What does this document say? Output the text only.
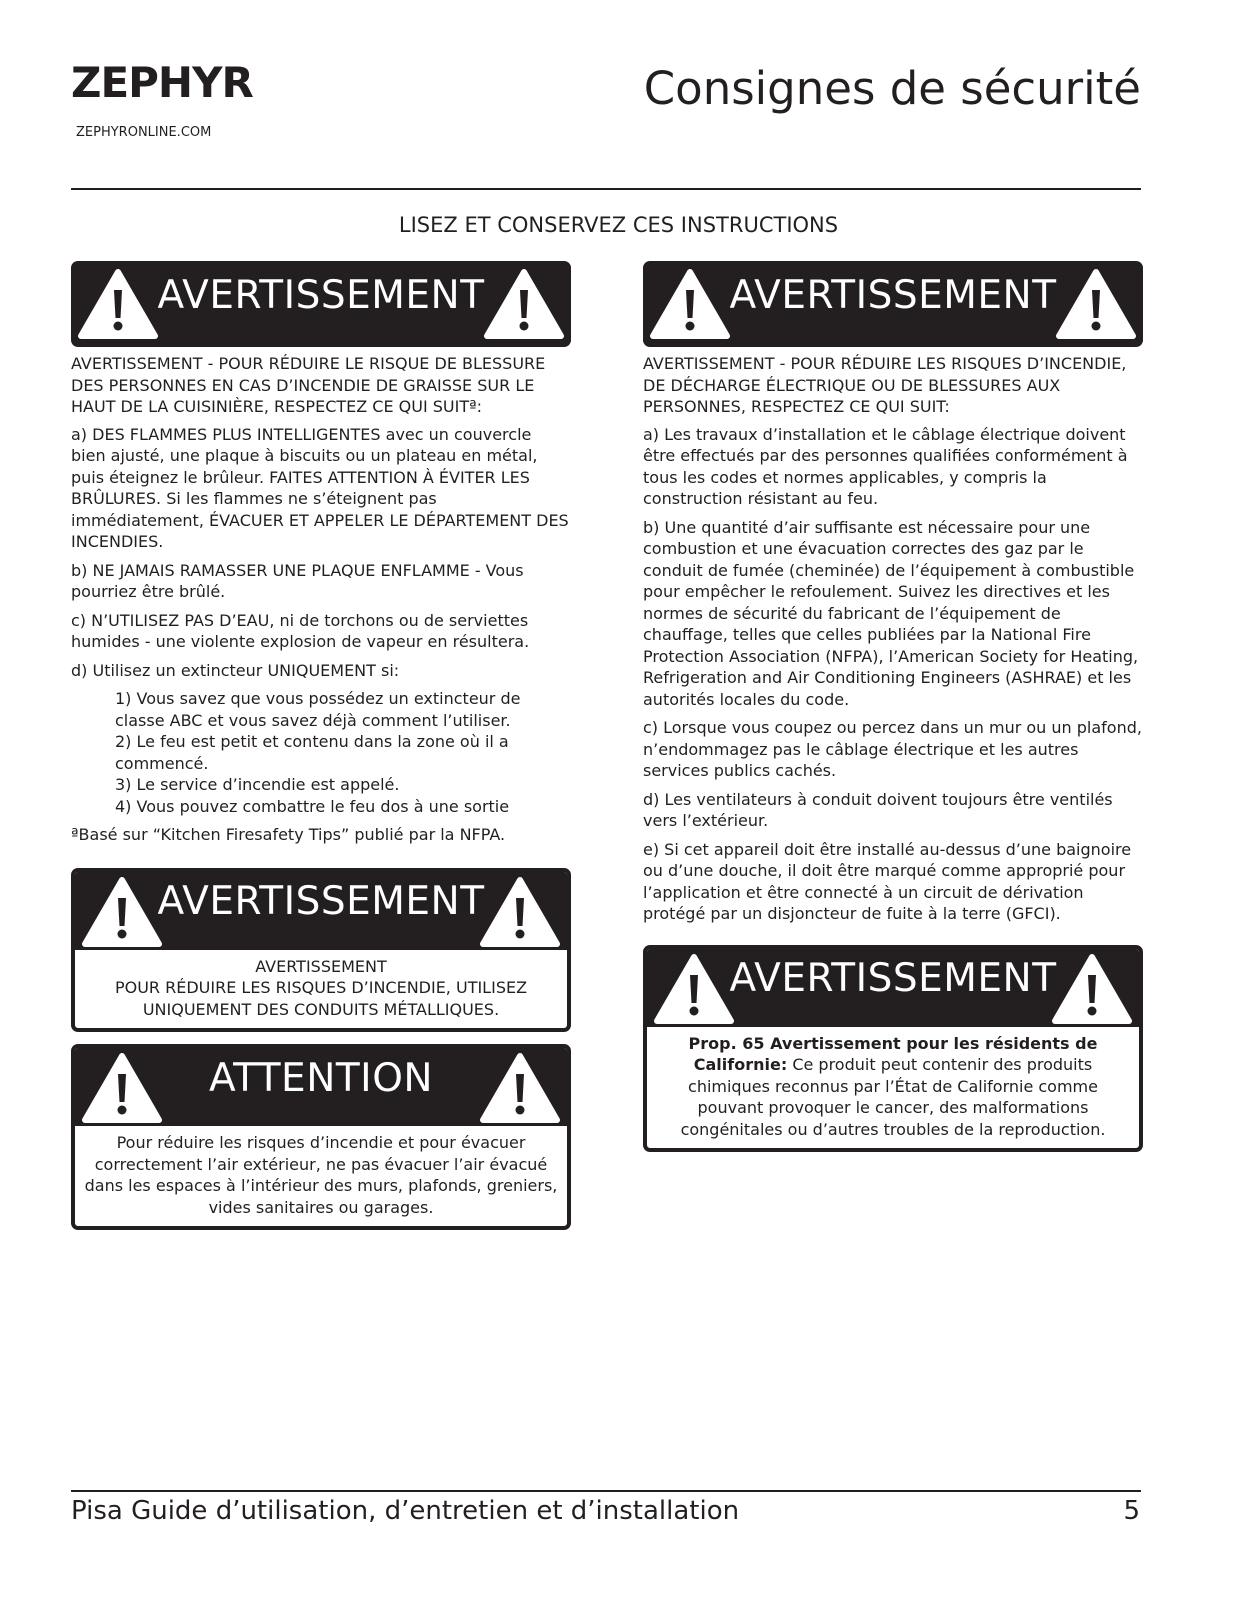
ZEPHYR
ZEPHYRONLINE.COM
Consignes de sécurité
LISEZ ET CONSERVEZ CES INSTRUCTIONS
AVERTISSEMENT

AVERTISSEMENT - POUR RÉDUIRE LE RISQUE DE BLESSURE DES PERSONNES EN CAS D’INCENDIE DE GRAISSE SUR LE HAUT DE LA CUISINIÈRE, RESPECTEZ CE QUI SUITª:

a) DES FLAMMES PLUS INTELLIGENTES avec un couvercle bien ajusté, une plaque à biscuits ou un plateau en métal, puis éteignez le brûleur. FAITES ATTENTION À ÉVITER LES BRÛLURES. Si les flammes ne s’éteignent pas immédiatement, ÉVACUER ET APPELER LE DÉPARTEMENT DES INCENDIES.

b) NE JAMAIS RAMASSER UNE PLAQUE ENFLAMME - Vous pourriez être brûlé.

c) N’UTILISEZ PAS D’EAU, ni de torchons ou de serviettes humides - une violente explosion de vapeur en résultera.

d) Utilisez un extincteur UNIQUEMENT si:

1) Vous savez que vous possédez un extincteur de classe ABC et vous savez déjà comment l’utiliser.
2) Le feu est petit et contenu dans la zone où il a commencé.
3) Le service d’incendie est appelé.
4) Vous pouvez combattre le feu dos à une sortie

ªBasé sur “Kitchen Firesafety Tips” publié par la NFPA.

AVERTISSEMENT
AVERTISSEMENT
POUR RÉDUIRE LES RISQUES D’INCENDIE, UTILISEZ UNIQUEMENT DES CONDUITS MÉTALLIQUES.
ATTENTION
Pour réduire les risques d’incendie et pour évacuer correctement l’air extérieur, ne pas évacuer l’air évacué dans les espaces à l’intérieur des murs, plafonds, greniers, vides sanitaires ou garages.
AVERTISSEMENT

AVERTISSEMENT - POUR RÉDUIRE LES RISQUES D’INCENDIE, DE DÉCHARGE ÉLECTRIQUE OU DE BLESSURES AUX PERSONNES, RESPECTEZ CE QUI SUIT:

a) Les travaux d’installation et le câblage électrique doivent être effectués par des personnes qualifiées conformément à tous les codes et normes applicables, y compris la construction résistant au feu.

b) Une quantité d’air suffisante est nécessaire pour une combustion et une évacuation correctes des gaz par le conduit de fumée (cheminée) de l’équipement à combustible pour empêcher le refoulement. Suivez les directives et les normes de sécurité du fabricant de l’équipement de chauffage, telles que celles publiées par la National Fire Protection Association (NFPA), l’American Society for Heating, Refrigeration and Air Conditioning Engineers (ASHRAE) et les autorités locales du code.

c) Lorsque vous coupez ou percez dans un mur ou un plafond, n’endommagez pas le câblage électrique et les autres services publics cachés.

d) Les ventilateurs à conduit doivent toujours être ventilés vers l’extérieur.

e) Si cet appareil doit être installé au-dessus d’une baignoire ou d’une douche, il doit être marqué comme approprié pour l’application et être connecté à un circuit de dérivation protégé par un disjoncteur de fuite à la terre (GFCI).

AVERTISSEMENT
Prop. 65 Avertissement pour les résidents de Californie: Ce produit peut contenir des produits chimiques reconnus par l’État de Californie comme pouvant provoquer le cancer, des malformations congénitales ou d’autres troubles de la reproduction.
Pisa Guide d’utilisation, d’entretien et d’installation	5
